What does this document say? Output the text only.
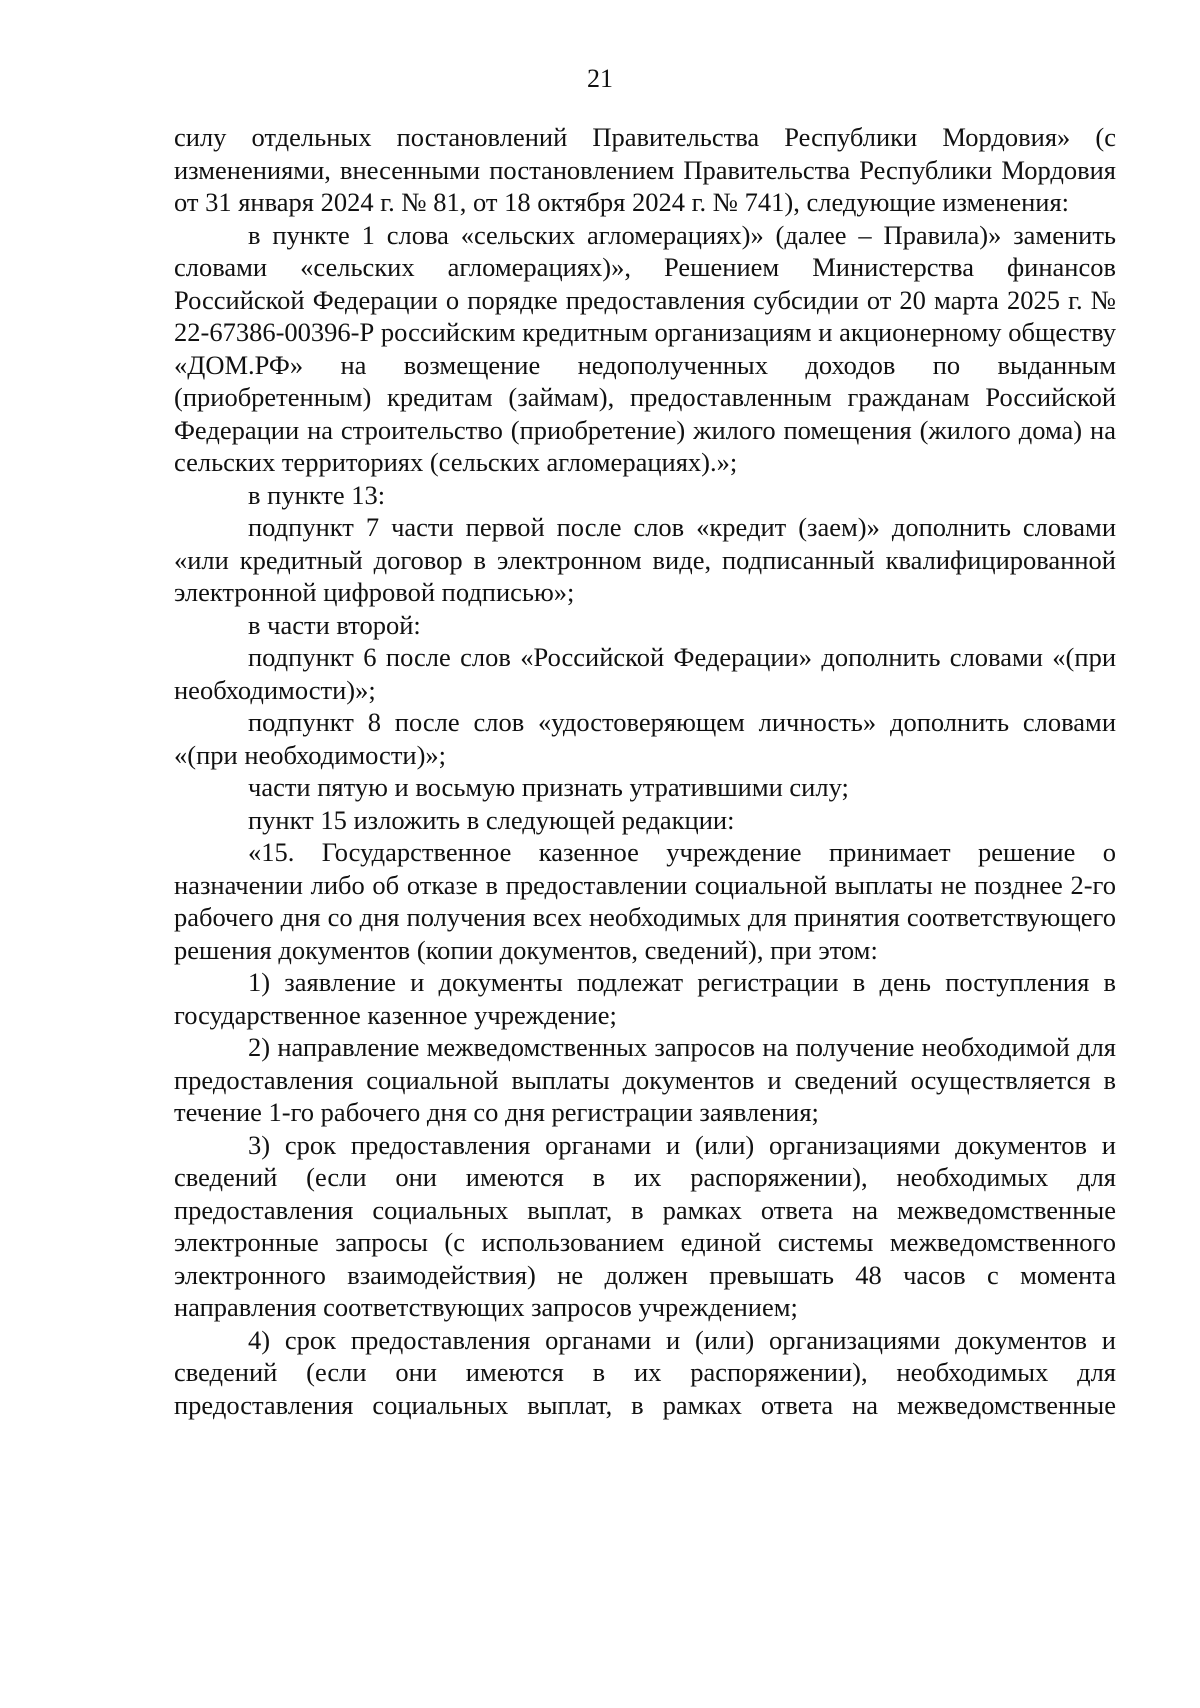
21

силу отдельных постановлений Правительства Республики Мордовия» (с изменениями, внесенными постановлением Правительства Республики Мордовия от 31 января 2024 г. № 81, от 18 октября 2024 г. № 741), следующие изменения:

в пункте 1 слова «сельских агломерациях)» (далее – Правила)» заменить словами «сельских агломерациях)», Решением Министерства финансов Российской Федерации о порядке предоставления субсидии от 20 марта 2025 г. № 22-67386-00396-Р российским кредитным организациям и акционерному обществу «ДОМ.РФ» на возмещение недополученных доходов по выданным (приобретенным) кредитам (займам), предоставленным гражданам Российской Федерации на строительство (приобретение) жилого помещения (жилого дома) на сельских территориях (сельских агломерациях).»;

в пункте 13:

подпункт 7 части первой после слов «кредит (заем)» дополнить словами «или кредитный договор в электронном виде, подписанный квалифицированной электронной цифровой подписью»;

в части второй:

подпункт 6 после слов «Российской Федерации» дополнить словами «(при необходимости)»;

подпункт 8 после слов «удостоверяющем личность» дополнить словами «(при необходимости)»;

части пятую и восьмую признать утратившими силу;

пункт 15 изложить в следующей редакции:

«15. Государственное казенное учреждение принимает решение о назначении либо об отказе в предоставлении социальной выплаты не позднее 2-го рабочего дня со дня получения всех необходимых для принятия соответствующего решения документов (копии документов, сведений), при этом:

1) заявление и документы подлежат регистрации в день поступления в государственное казенное учреждение;

2) направление межведомственных запросов на получение необходимой для предоставления социальной выплаты документов и сведений осуществляется в течение 1-го рабочего дня со дня регистрации заявления;

3) срок предоставления органами и (или) организациями документов и сведений (если они имеются в их распоряжении), необходимых для предоставления социальных выплат, в рамках ответа на межведомственные электронные запросы (с использованием единой системы межведомственного электронного взаимодействия) не должен превышать 48 часов с момента направления соответствующих запросов учреждением;

4) срок предоставления органами и (или) организациями документов и сведений (если они имеются в их распоряжении), необходимых для предоставления социальных выплат, в рамках ответа на межведомственные
